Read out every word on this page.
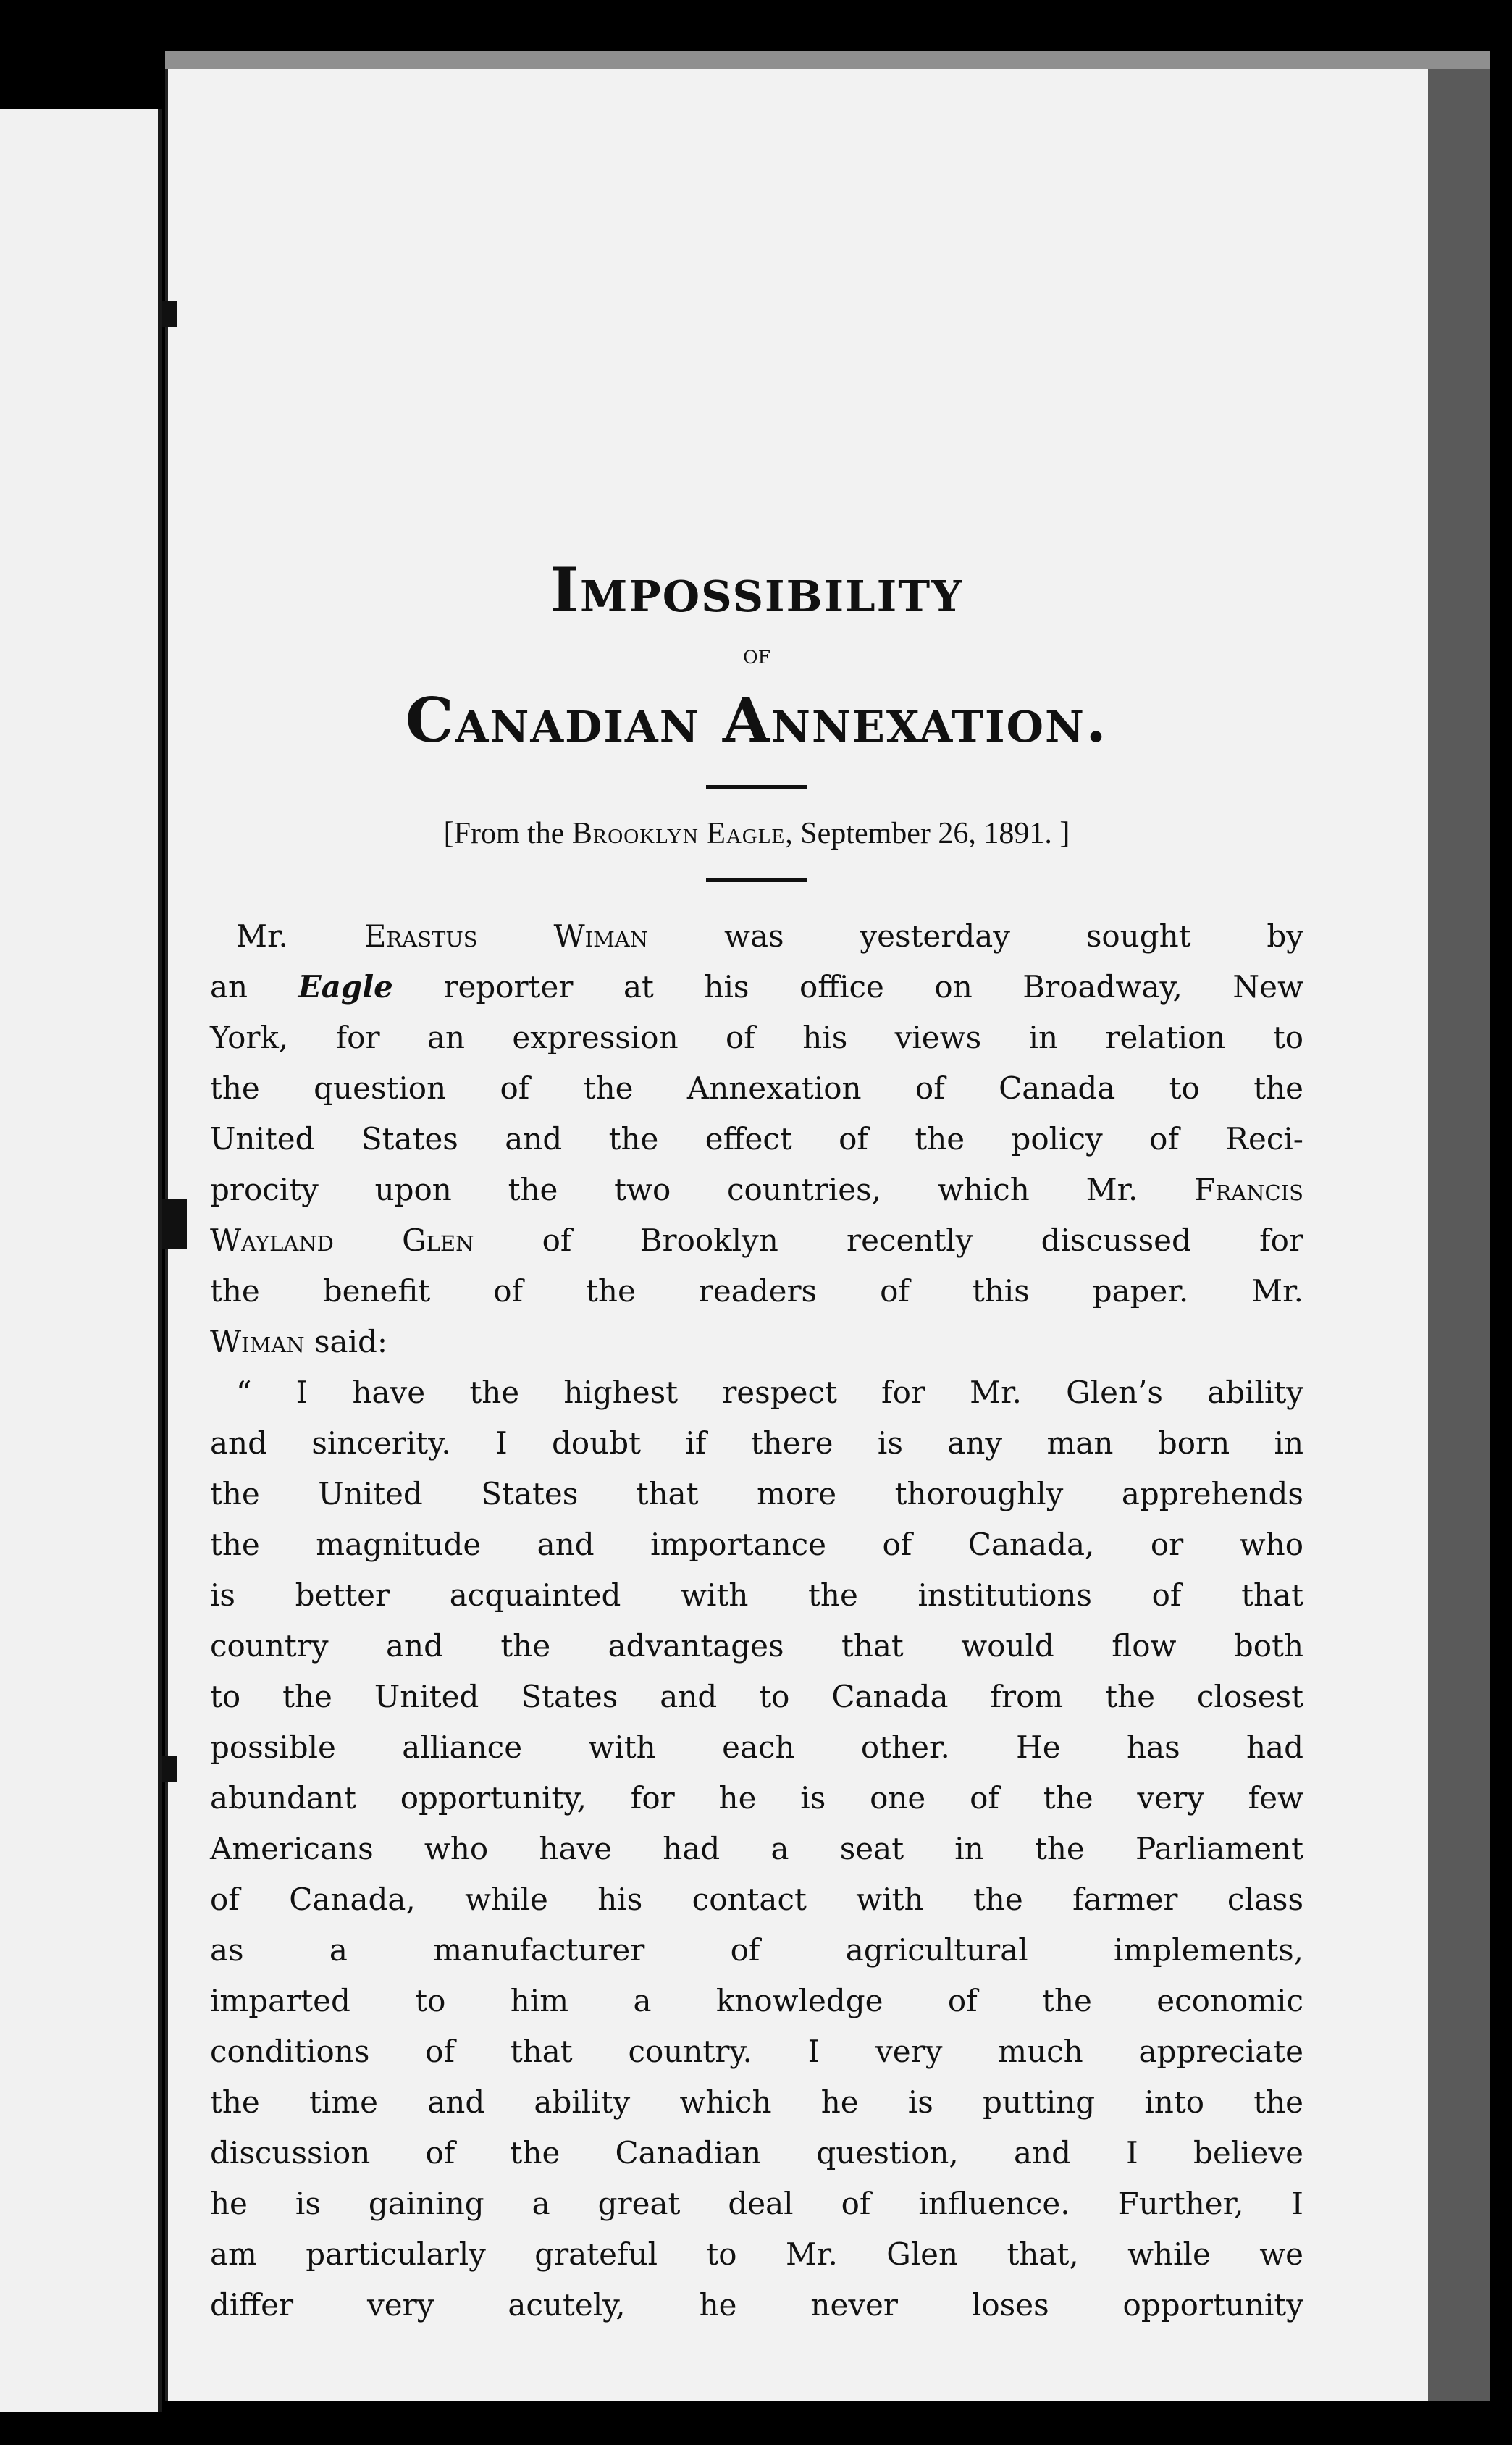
Impossibility
of
Canadian Annexation.
[From the Brooklyn Eagle, September 26, 1891. ]
Mr. Erastus Wiman was yesterday sought by
an Eagle reporter at his office on Broadway, New
York, for an expression of his views in relation to
the question of the Annexation of Canada to the
United States and the effect of the policy of Reci-
procity upon the two countries, which Mr. Francis
Wayland Glen of Brooklyn recently discussed for
the benefit of the readers of this paper. Mr.
Wiman said:
“ I have the highest respect for Mr. Glen’s ability
and sincerity. I doubt if there is any man born in
the United States that more thoroughly apprehends
the magnitude and importance of Canada, or who
is better acquainted with the institutions of that
country and the advantages that would flow both
to the United States and to Canada from the closest
possible alliance with each other. He has had
abundant opportunity, for he is one of the very few
Americans who have had a seat in the Parliament
of Canada, while his contact with the farmer class
as a manufacturer of agricultural implements,
imparted to him a knowledge of the economic
conditions of that country. I very much appreciate
the time and ability which he is putting into the
discussion of the Canadian question, and I believe
he is gaining a great deal of influence. Further, I
am particularly grateful to Mr. Glen that, while we
differ very acutely, he never loses opportunity
